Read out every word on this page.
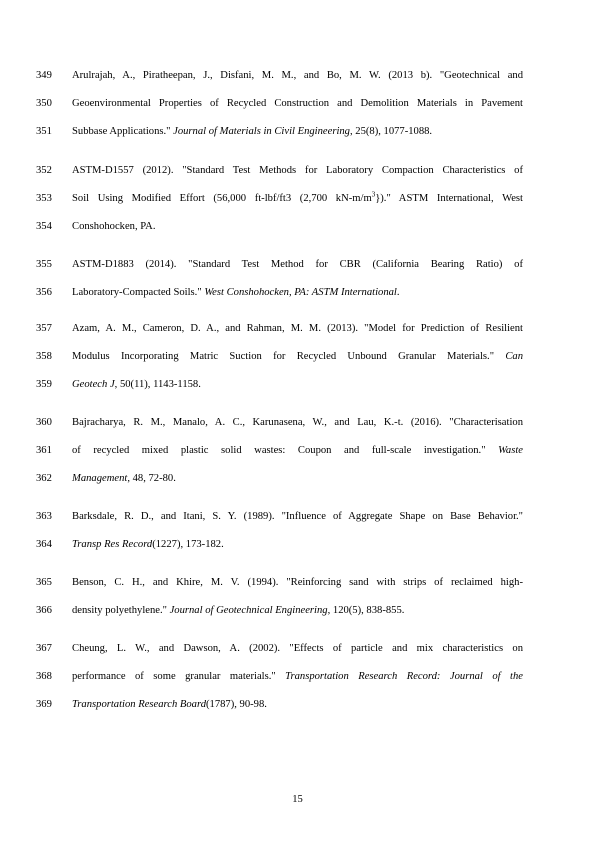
349	Arulrajah, A., Piratheepan, J., Disfani, M. M., and Bo, M. W. (2013 b). "Geotechnical and
350	Geoenvironmental Properties of Recycled Construction and Demolition Materials in Pavement
351	Subbase Applications." Journal of Materials in Civil Engineering, 25(8), 1077-1088.
352	ASTM-D1557 (2012). "Standard Test Methods for Laboratory Compaction Characteristics of
353	Soil Using Modified Effort (56,000 ft-lbf/ft3 (2,700 $kN-m/m^3$})." ASTM International, West
354	Conshohocken, PA.
355	ASTM-D1883 (2014). "Standard Test Method for CBR (California Bearing Ratio) of
356	Laboratory-Compacted Soils." West Conshohocken, PA: ASTM International.
357	Azam, A. M., Cameron, D. A., and Rahman, M. M. (2013). "Model for Prediction of Resilient
358	Modulus Incorporating Matric Suction for Recycled Unbound Granular Materials." Can
359	Geotech J, 50(11), 1143-1158.
360	Bajracharya, R. M., Manalo, A. C., Karunasena, W., and Lau, K.-t. (2016). "Characterisation
361	of recycled mixed plastic solid wastes: Coupon and full-scale investigation." Waste
362	Management, 48, 72-80.
363	Barksdale, R. D., and Itani, S. Y. (1989). "Influence of Aggregate Shape on Base Behavior."
364	Transp Res Record(1227), 173-182.
365	Benson, C. H., and Khire, M. V. (1994). "Reinforcing sand with strips of reclaimed high-
366	density polyethylene." Journal of Geotechnical Engineering, 120(5), 838-855.
367	Cheung, L. W., and Dawson, A. (2002). "Effects of particle and mix characteristics on
368	performance of some granular materials." Transportation Research Record: Journal of the
369	Transportation Research Board(1787), 90-98.
15
